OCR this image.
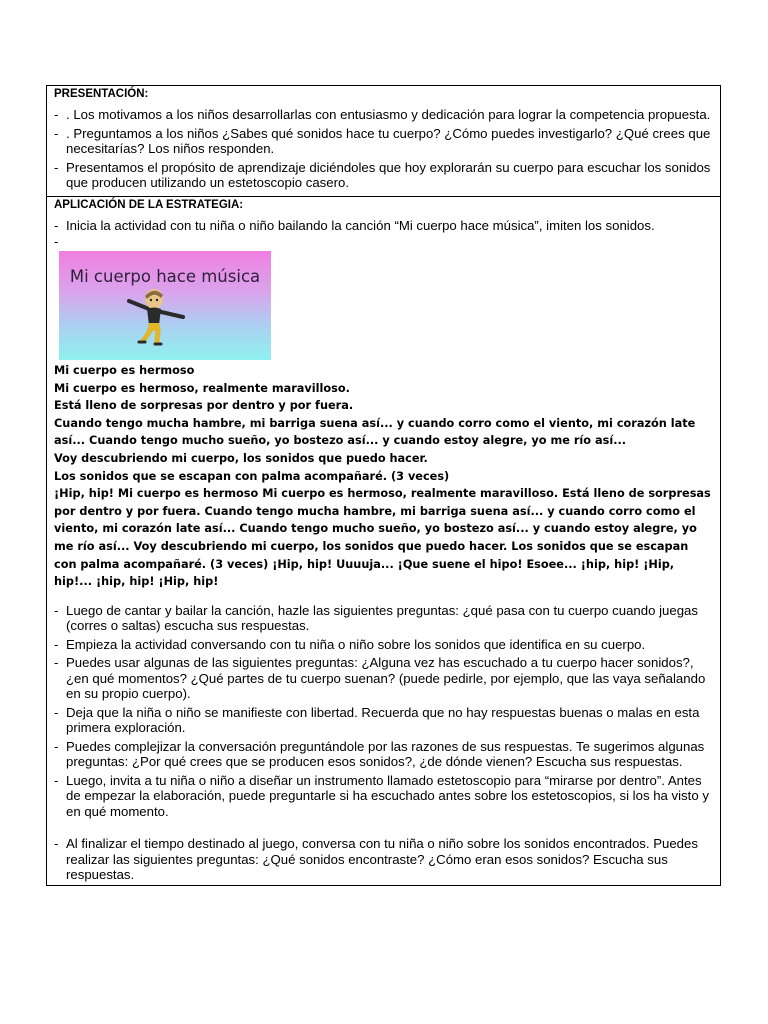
PRESENTACIÓN:

- . Los motivamos a los niños desarrollarlas con entusiasmo y dedicación para lograr la competencia propuesta.
- . Preguntamos a los niños ¿Sabes qué sonidos hace tu cuerpo? ¿Cómo puedes investigarlo? ¿Qué crees que necesitarías? Los niños responden.
- Presentamos el propósito de aprendizaje diciéndoles que hoy explorarán su cuerpo para escuchar los sonidos que producen utilizando un estetoscopio casero.

APLICACIÓN DE LA ESTRATEGIA:

- Inicia la actividad con tu niña o niño bailando la canción “Mi cuerpo hace música”, imiten los sonidos.
-
Mi cuerpo hace música

Mi cuerpo es hermoso

Mi cuerpo es hermoso, realmente maravilloso.

Está lleno de sorpresas por dentro y por fuera.

Cuando tengo mucha hambre, mi barriga suena así... y cuando corro como el viento, mi corazón late así... Cuando tengo mucho sueño, yo bostezo así... y cuando estoy alegre, yo me río así...

Voy descubriendo mi cuerpo, los sonidos que puedo hacer.

Los sonidos que se escapan con palma acompañaré. (3 veces)

¡Hip, hip! Mi cuerpo es hermoso Mi cuerpo es hermoso, realmente maravilloso. Está lleno de sorpresas por dentro y por fuera. Cuando tengo mucha hambre, mi barriga suena así... y cuando corro como el viento, mi corazón late así... Cuando tengo mucho sueño, yo bostezo así... y cuando estoy alegre, yo me río así... Voy descubriendo mi cuerpo, los sonidos que puedo hacer. Los sonidos que se escapan con palma acompañaré. (3 veces) ¡Hip, hip! Uuuuja... ¡Que suene el hipo! Esoee... ¡hip, hip! ¡Hip, hip!... ¡hip, hip! ¡Hip, hip!

- Luego de cantar y bailar la canción, hazle las siguientes preguntas: ¿qué pasa con tu cuerpo cuando juegas (corres o saltas) escucha sus respuestas.
- Empieza la actividad conversando con tu niña o niño sobre los sonidos que identifica en su cuerpo.
- Puedes usar algunas de las siguientes preguntas: ¿Alguna vez has escuchado a tu cuerpo hacer sonidos?, ¿en qué momentos? ¿Qué partes de tu cuerpo suenan? (puede pedirle, por ejemplo, que las vaya señalando en su propio cuerpo).
- Deja que la niña o niño se manifieste con libertad. Recuerda que no hay respuestas buenas o malas en esta primera exploración.
- Puedes complejizar la conversación preguntándole por las razones de sus respuestas. Te sugerimos algunas preguntas: ¿Por qué crees que se producen esos sonidos?, ¿de dónde vienen? Escucha sus respuestas.
- Luego, invita a tu niña o niño a diseñar un instrumento llamado estetoscopio para “mirarse por dentro”. Antes de empezar la elaboración, puede preguntarle si ha escuchado antes sobre los estetoscopios, si los ha visto y en qué momento.
- Al finalizar el tiempo destinado al juego, conversa con tu niña o niño sobre los sonidos encontrados. Puedes realizar las siguientes preguntas: ¿Qué sonidos encontraste? ¿Cómo eran esos sonidos? Escucha sus respuestas.
